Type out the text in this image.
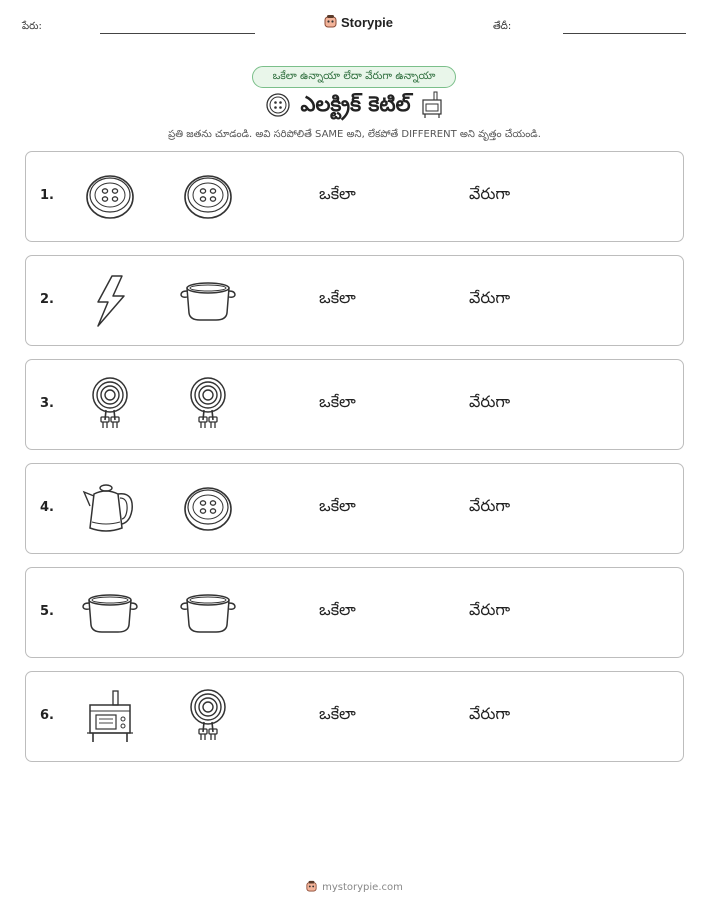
పేరు:	Storypie	తేదీ:
ఒకేలా ఉన్నాయా లేదా వేరుగా ఉన్నాయా
ఎలక్ట్రిక్ కెటిల్
ప్రతి జతను చూడండి. అవి సరిపోలితే SAME అని, లేకపోతే DIFFERENT అని వృత్తం చేయండి.
1.	ఒకేలా	వేరుగా
2.	ఒకేలా	వేరుగా
3.	ఒకేలా	వేరుగా
4.	ఒకేలా	వేరుగా
5.	ఒకేలా	వేరుగా
6.	ఒకేలా	వేరుగా
mystorypie.com
